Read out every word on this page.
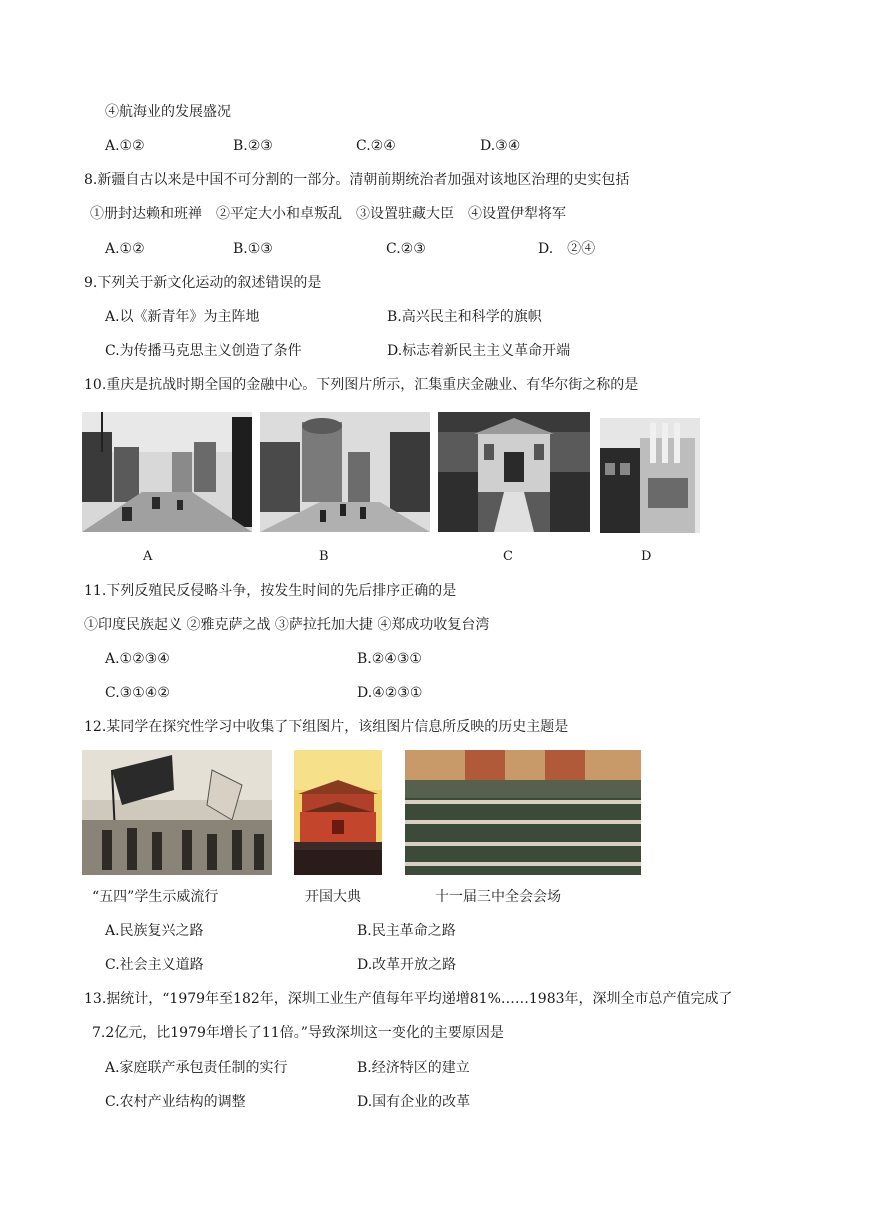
④航海业的发展盛况
A.①②	B.②③	C.②④	D.③④
8.新疆自古以来是中国不可分割的一部分。清朝前期统治者加强对该地区治理的史实包括
①册封达赖和班禅　②平定大小和卓叛乱　③设置驻藏大臣　④设置伊犁将军
A.①②	B.①③	C.②③	D.　②④
9.下列关于新文化运动的叙述错误的是
A.以《新青年》为主阵地	B.高兴民主和科学的旗帜
C.为传播马克思主义创造了条件	D.标志着新民主主义革命开端
10.重庆是抗战时期全国的金融中心。下列图片所示，汇集重庆金融业、有华尔街之称的是
A	B	C	D
11.下列反殖民反侵略斗争，按发生时间的先后排序正确的是
①印度民族起义 ②雅克萨之战 ③萨拉托加大捷 ④郑成功收复台湾
A.①②③④	B.②④③①
C.③①④②	D.④②③①
12.某同学在探究性学习中收集了下组图片，该组图片信息所反映的历史主题是
“五四”学生示威流行	开国大典	十一届三中全会会场
A.民族复兴之路	B.民主革命之路
C.社会主义道路	D.改革开放之路
13.据统计，“1979年至182年，深圳工业生产值每年平均递增81%……1983年，深圳全市总产值完成了
7.2亿元，比1979年增长了11倍。”导致深圳这一变化的主要原因是
A.家庭联产承包责任制的实行	B.经济特区的建立
C.农村产业结构的调整	D.国有企业的改革
